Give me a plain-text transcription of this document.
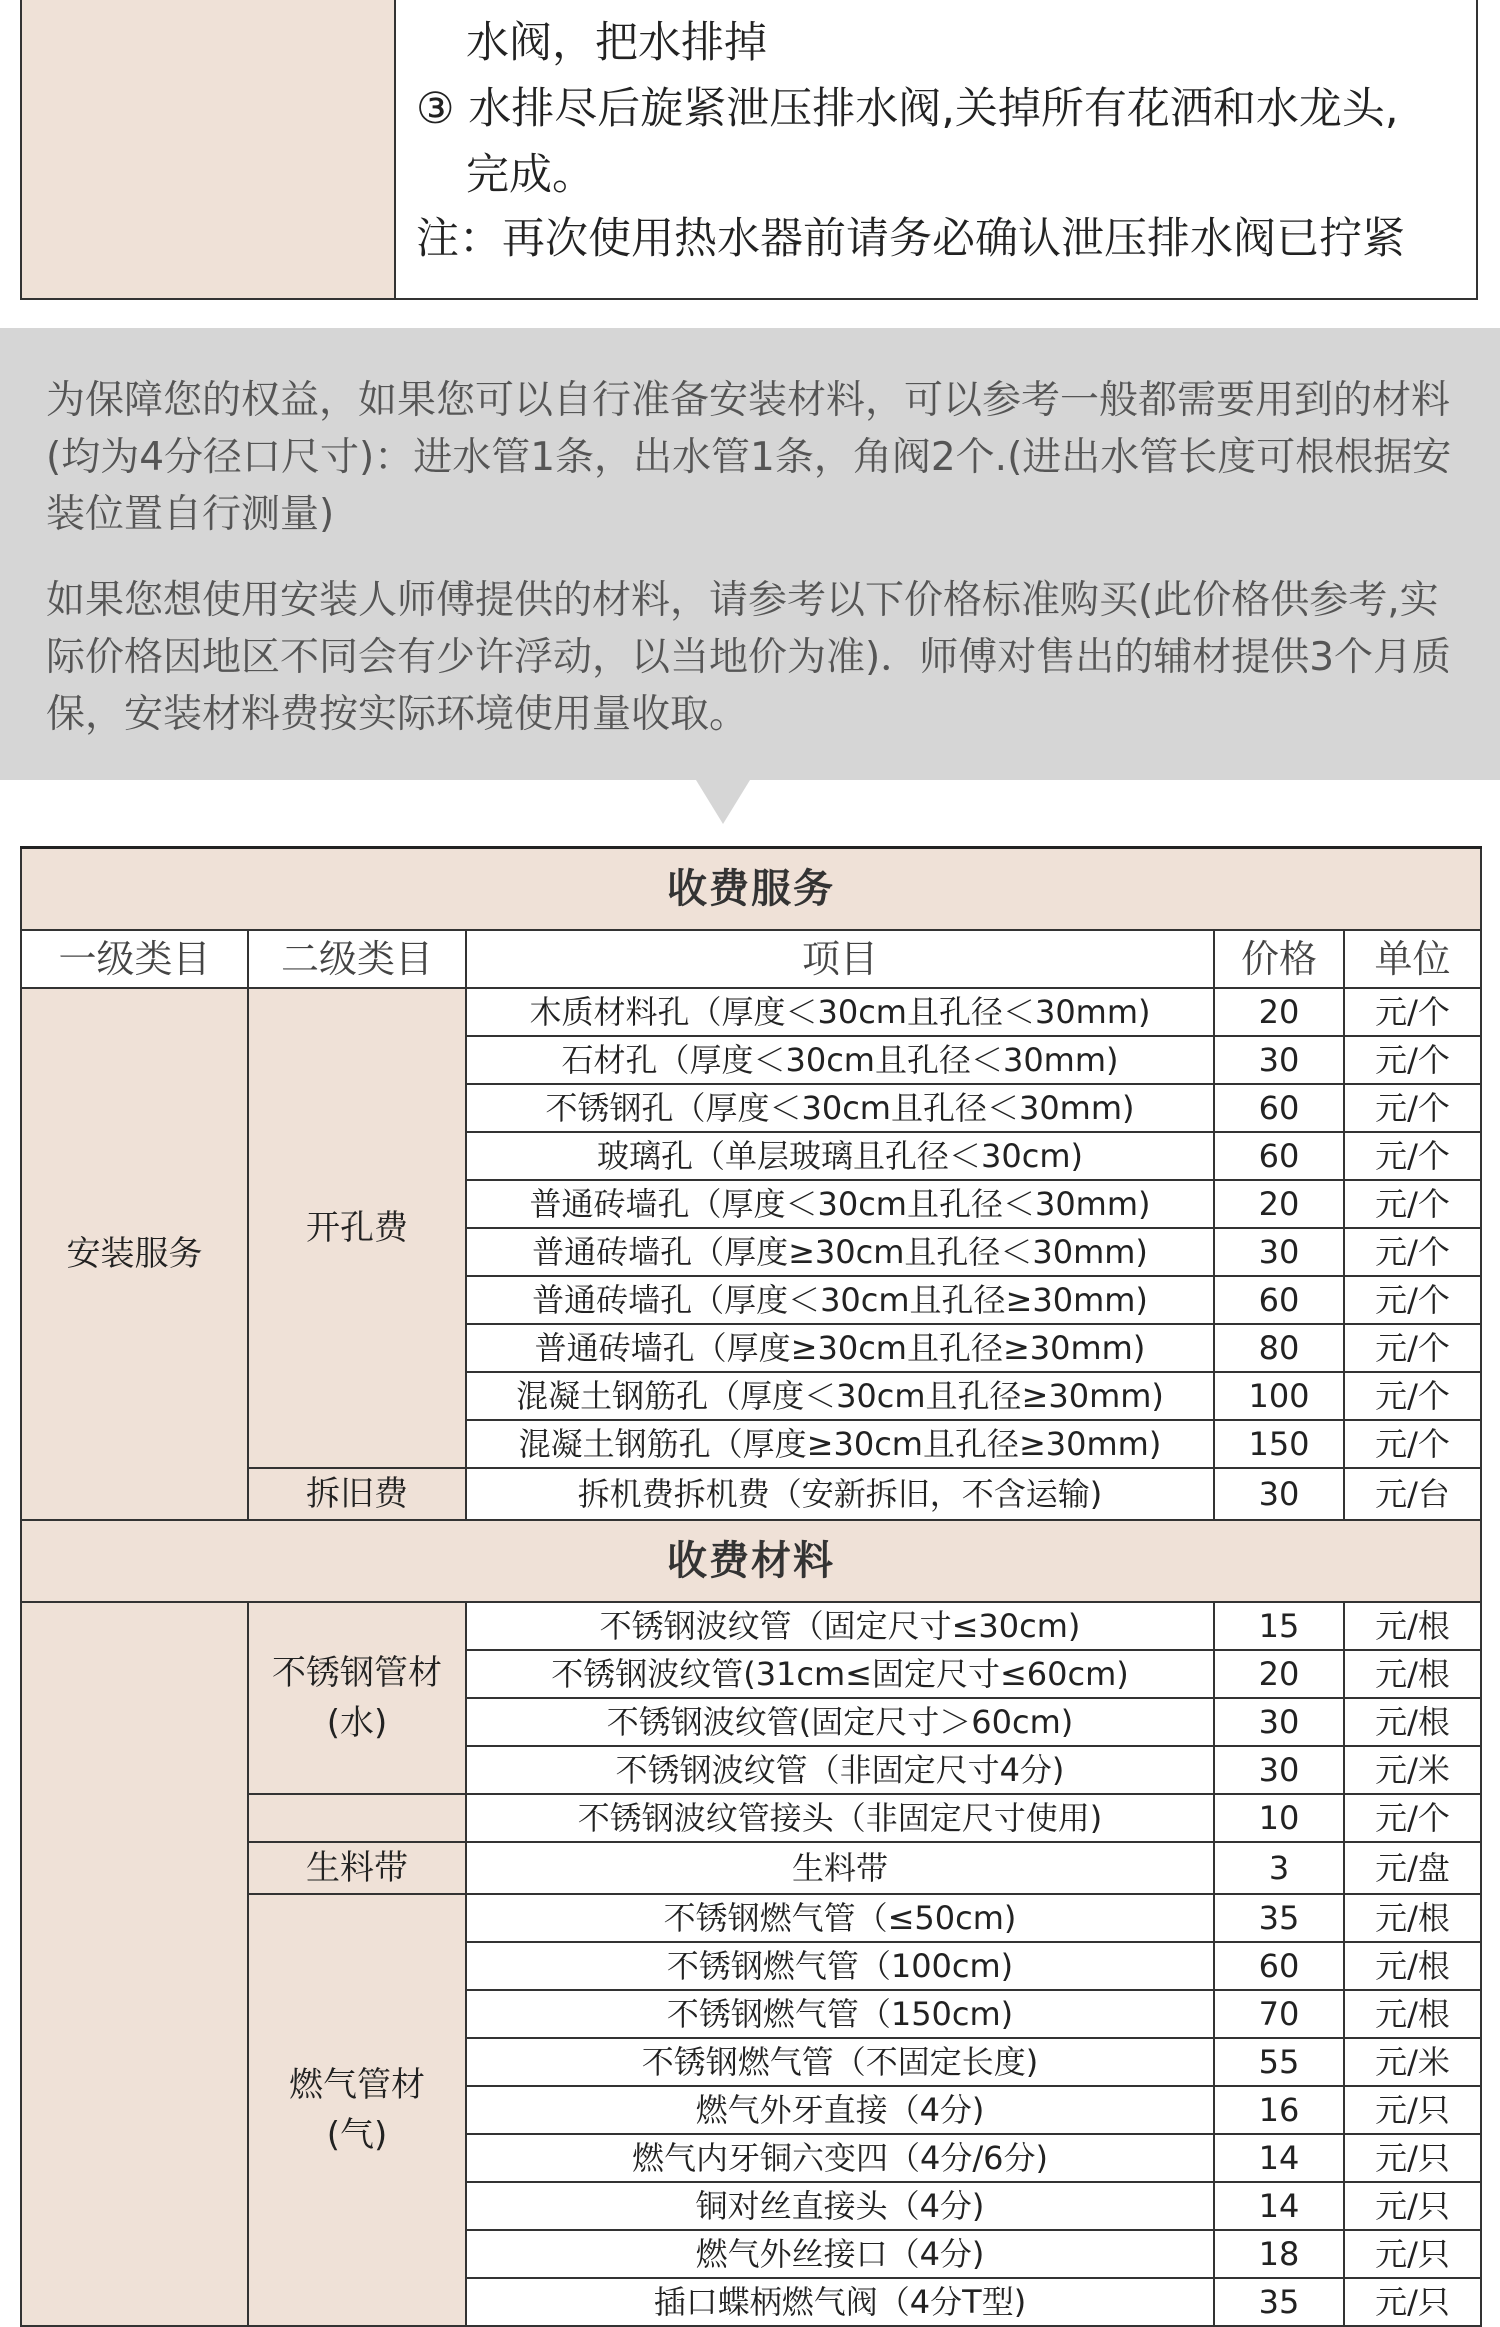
水阀，把水排掉
③ 水排尽后旋紧泄压排水阀,关掉所有花洒和水龙头,
完成。
注：再次使用热水器前请务必确认泄压排水阀已拧紧

为保障您的权益，如果您可以自行准备安装材料，可以参考一般都需要用到的材料(均为4分径口尺寸)：进水管1条，出水管1条，角阀2个.(进出水管长度可根根据安装位置自行测量)

如果您想使用安装人师傅提供的材料，请参考以下价格标准购买(此价格供参考,实际价格因地区不同会有少许浮动，以当地价为准)．师傅对售出的辅材提供3个月质保，安装材料费按实际环境使用量收取。

收费服务				
一级类目	二级类目	项目	价格	单位
安装服务	开孔费	木质材料孔（厚度＜30cm且孔径＜30mm)	20	元/个
		石材孔（厚度＜30cm且孔径＜30mm)	30	元/个
		不锈钢孔（厚度＜30cm且孔径＜30mm)	60	元/个
		玻璃孔（单层玻璃且孔径＜30cm)	60	元/个
		普通砖墙孔（厚度＜30cm且孔径＜30mm)	20	元/个
		普通砖墙孔（厚度≥30cm且孔径＜30mm)	30	元/个
		普通砖墙孔（厚度＜30cm且孔径≥30mm)	60	元/个
		普通砖墙孔（厚度≥30cm且孔径≥30mm)	80	元/个
		混凝土钢筋孔（厚度＜30cm且孔径≥30mm)	100	元/个
		混凝土钢筋孔（厚度≥30cm且孔径≥30mm)	150	元/个
	拆旧费	拆机费拆机费（安新拆旧，不含运输)	30	元/台
收费材料				
	不锈钢管材(水)	不锈钢波纹管（固定尺寸≤30cm)	15	元/根
		不锈钢波纹管(31cm≤固定尺寸≤60cm)	20	元/根
		不锈钢波纹管(固定尺寸＞60cm)	30	元/根
		不锈钢波纹管（非固定尺寸4分)	30	元/米
		不锈钢波纹管接头（非固定尺寸使用)	10	元/个
	生料带	生料带	3	元/盘
	燃气管材(气)	不锈钢燃气管（≤50cm)	35	元/根
		不锈钢燃气管（100cm)	60	元/根
		不锈钢燃气管（150cm)	70	元/根
		不锈钢燃气管（不固定长度)	55	元/米
		燃气外牙直接（4分)	16	元/只
		燃气内牙铜六变四（4分/6分)	14	元/只
		铜对丝直接头（4分)	14	元/只
		燃气外丝接口（4分)	18	元/只
		插口蝶柄燃气阀（4分T型)	35	元/只
